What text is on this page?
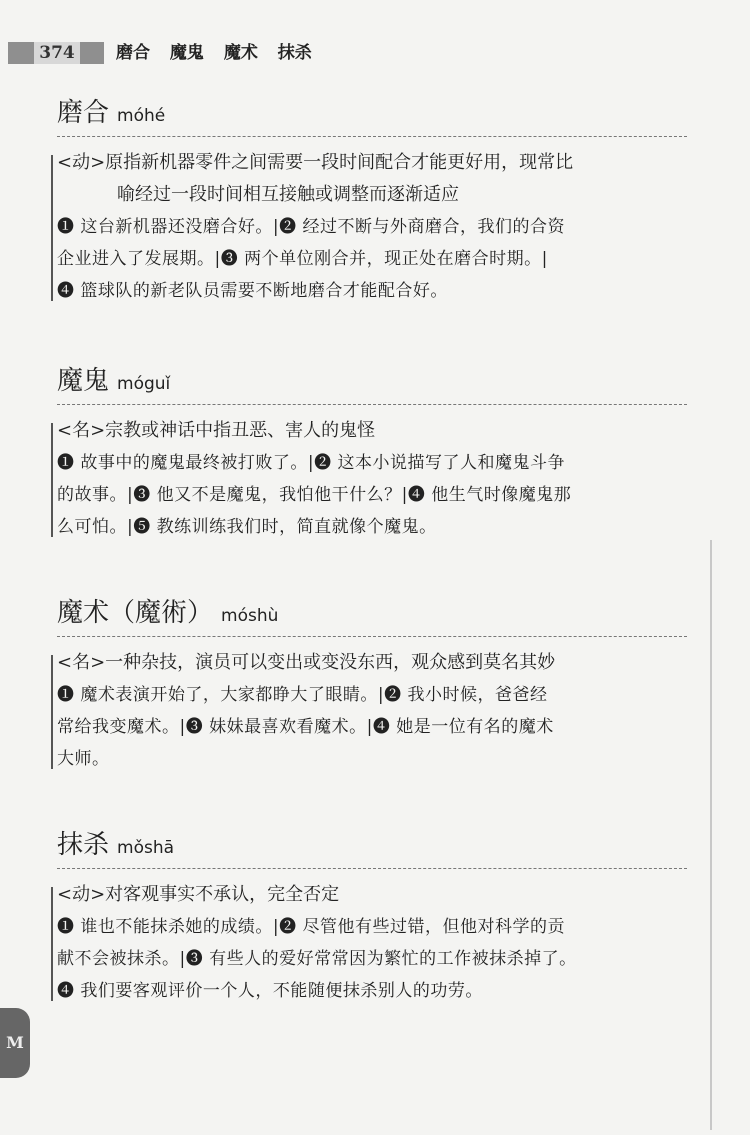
374	磨合 魔鬼 魔术 抹杀
磨合 móhé
<动>原指新机器零件之间需要一段时间配合才能更好用，现常比
喻经过一段时间相互接触或调整而逐渐适应
❶ 这台新机器还没磨合好。|❷ 经过不断与外商磨合，我们的合资
企业进入了发展期。|❸ 两个单位刚合并，现正处在磨合时期。|
❹ 篮球队的新老队员需要不断地磨合才能配合好。
魔鬼 móguǐ
<名>宗教或神话中指丑恶、害人的鬼怪
❶ 故事中的魔鬼最终被打败了。|❷ 这本小说描写了人和魔鬼斗争
的故事。|❸ 他又不是魔鬼，我怕他干什么？|❹ 他生气时像魔鬼那
么可怕。|❺ 教练训练我们时，简直就像个魔鬼。
魔术（魔術） móshù
<名>一种杂技，演员可以变出或变没东西，观众感到莫名其妙
❶ 魔术表演开始了，大家都睁大了眼睛。|❷ 我小时候，爸爸经
常给我变魔术。|❸ 妹妹最喜欢看魔术。|❹ 她是一位有名的魔术
大师。
抹杀 mǒshā
<动>对客观事实不承认，完全否定
❶ 谁也不能抹杀她的成绩。|❷ 尽管他有些过错，但他对科学的贡
献不会被抹杀。|❸ 有些人的爱好常常因为繁忙的工作被抹杀掉了。
❹ 我们要客观评价一个人，不能随便抹杀别人的功劳。
M
